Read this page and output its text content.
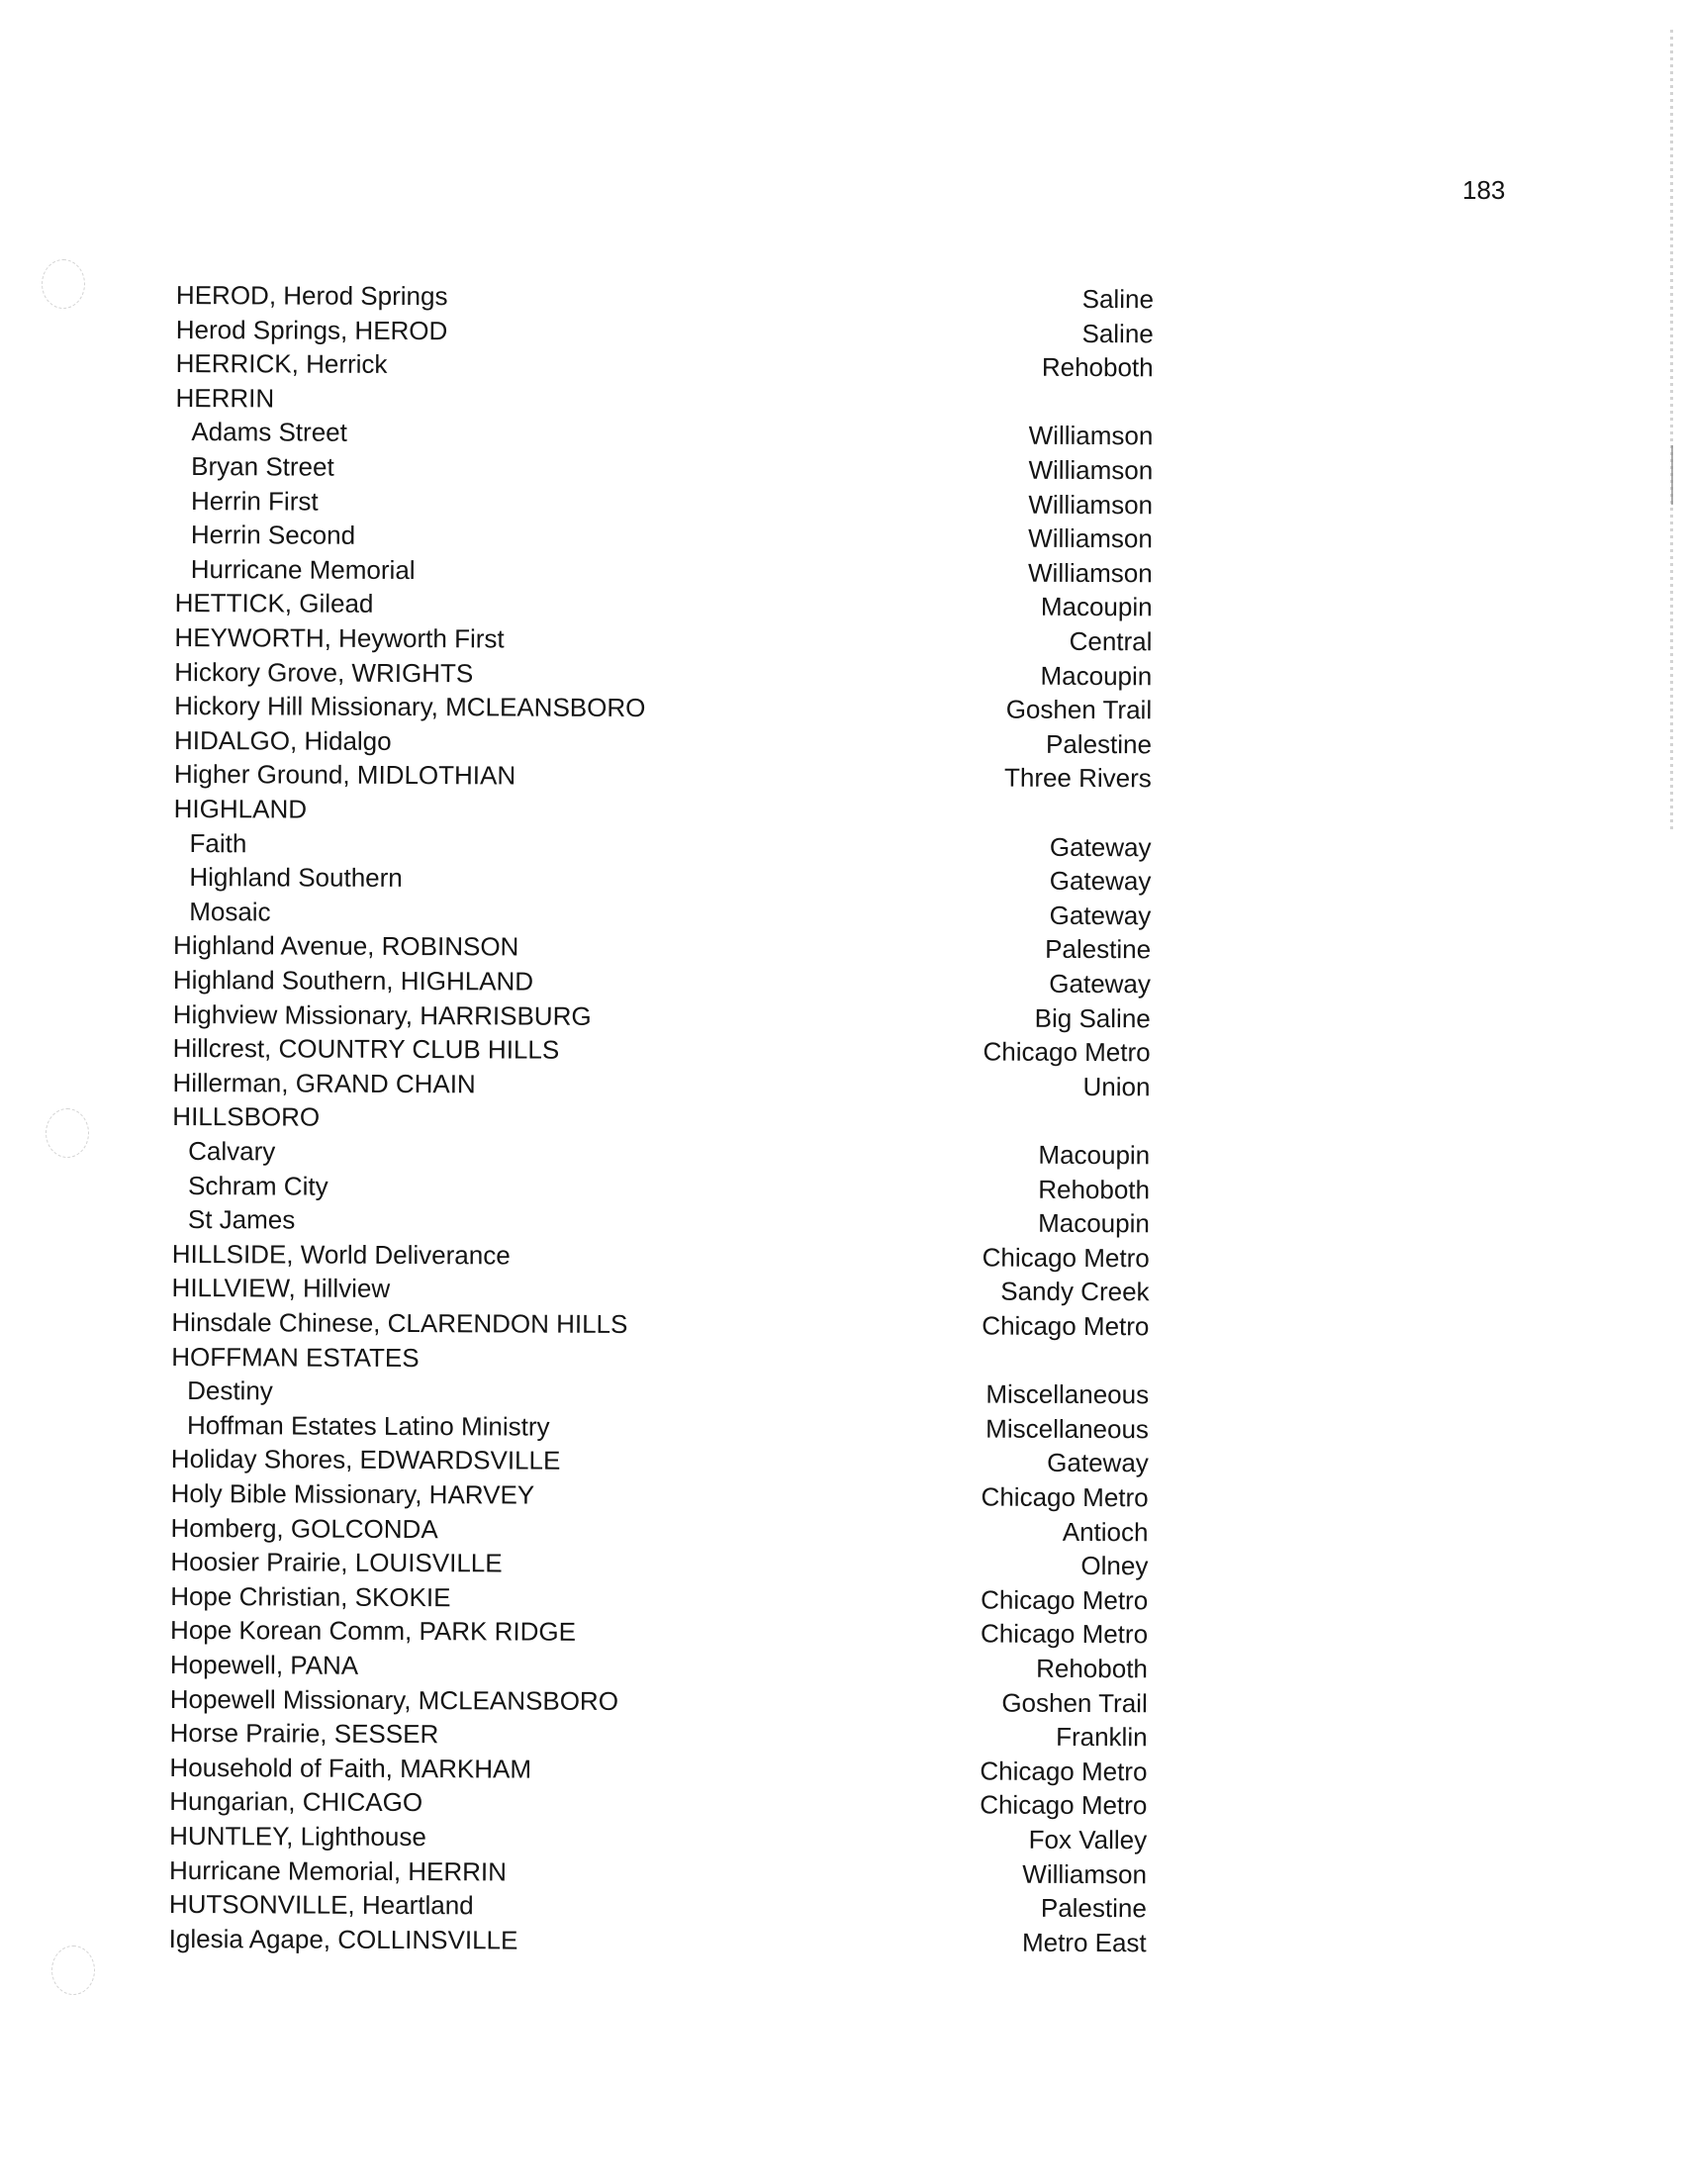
183
HEROD, Herod Springs	Saline
Herod Springs, HEROD	Saline
HERRICK, Herrick	Rehoboth
HERRIN
Adams Street	Williamson
Bryan Street	Williamson
Herrin First	Williamson
Herrin Second	Williamson
Hurricane Memorial	Williamson
HETTICK, Gilead	Macoupin
HEYWORTH, Heyworth First	Central
Hickory Grove, WRIGHTS	Macoupin
Hickory Hill Missionary, MCLEANSBORO	Goshen Trail
HIDALGO, Hidalgo	Palestine
Higher Ground, MIDLOTHIAN	Three Rivers
HIGHLAND
Faith	Gateway
Highland Southern	Gateway
Mosaic	Gateway
Highland Avenue, ROBINSON	Palestine
Highland Southern, HIGHLAND	Gateway
Highview Missionary, HARRISBURG	Big Saline
Hillcrest, COUNTRY CLUB HILLS	Chicago Metro
Hillerman, GRAND CHAIN	Union
HILLSBORO
Calvary	Macoupin
Schram City	Rehoboth
St James	Macoupin
HILLSIDE, World Deliverance	Chicago Metro
HILLVIEW, Hillview	Sandy Creek
Hinsdale Chinese, CLARENDON HILLS	Chicago Metro
HOFFMAN ESTATES
Destiny	Miscellaneous
Hoffman Estates Latino Ministry	Miscellaneous
Holiday Shores, EDWARDSVILLE	Gateway
Holy Bible Missionary, HARVEY	Chicago Metro
Homberg, GOLCONDA	Antioch
Hoosier Prairie, LOUISVILLE	Olney
Hope Christian, SKOKIE	Chicago Metro
Hope Korean Comm, PARK RIDGE	Chicago Metro
Hopewell, PANA	Rehoboth
Hopewell Missionary, MCLEANSBORO	Goshen Trail
Horse Prairie, SESSER	Franklin
Household of Faith, MARKHAM	Chicago Metro
Hungarian, CHICAGO	Chicago Metro
HUNTLEY, Lighthouse	Fox Valley
Hurricane Memorial, HERRIN	Williamson
HUTSONVILLE, Heartland	Palestine
Iglesia Agape, COLLINSVILLE	Metro East
